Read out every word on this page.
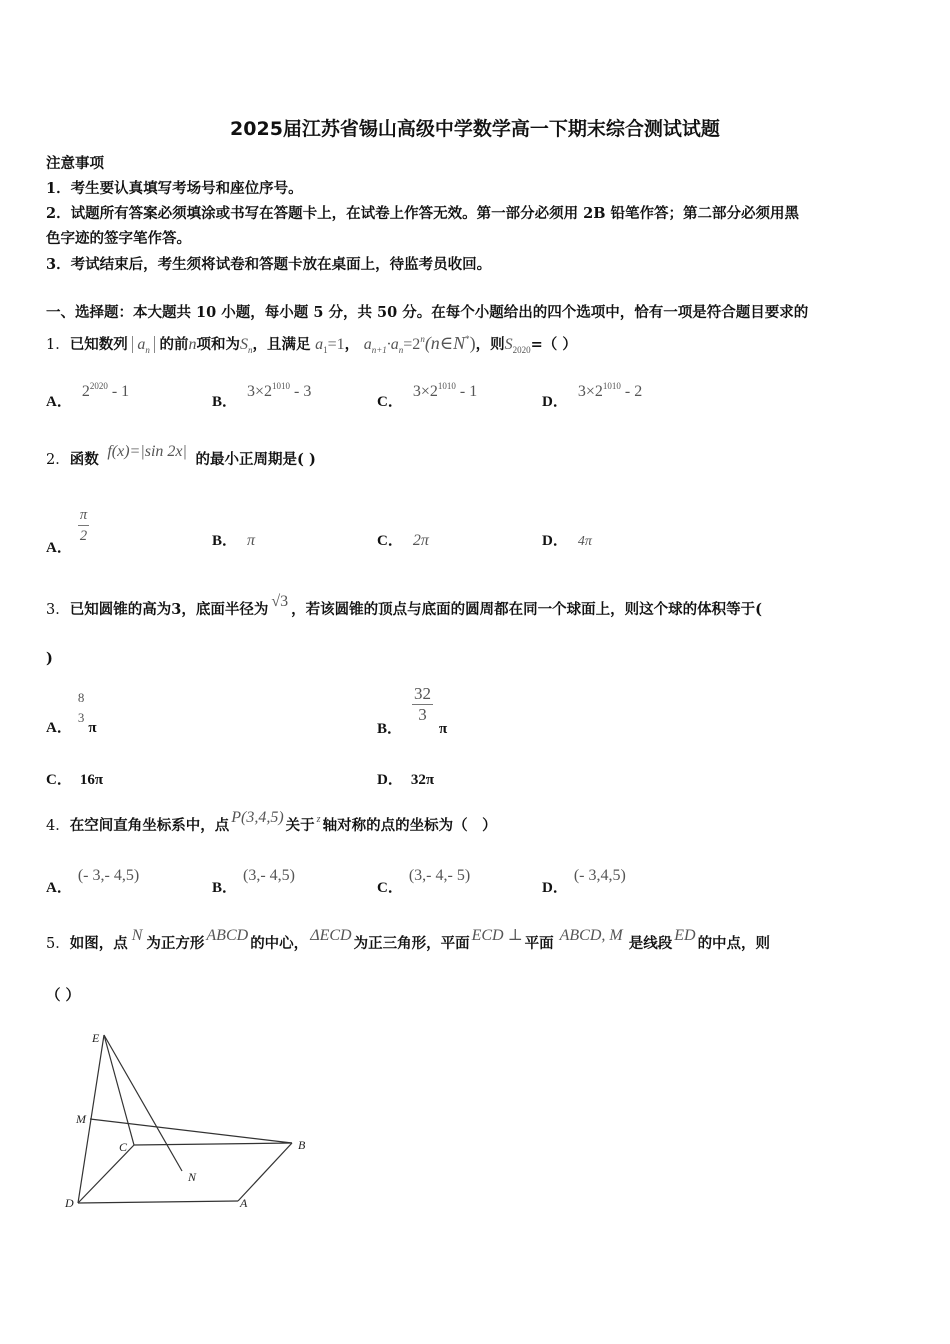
2025届江苏省锡山高级中学数学高一下期末综合测试试题
注意事项
1．考生要认真填写考场号和座位序号。
2．试题所有答案必须填涂或书写在答题卡上，在试卷上作答无效。第一部分必须用 2B 铅笔作答；第二部分必须用黑
色字迹的签字笔作答。
3．考试结束后，考生须将试卷和答题卡放在桌面上，待监考员收回。
一、选择题：本大题共 10 小题，每小题 5 分，共 50 分。在每个小题给出的四个选项中，恰有一项是符合题目要求的
1．已知数列 $a_n$ 的前n项和为$S_n$，且满足 $a_1=1$， $a_{n+1}\cdot a_n=2^n(n\in N^*)$，则$S_{2020}=$（ ）
A．$2^{2020} - 1$
B．$3\times 2^{1010} - 3$
C．$3\times 2^{1010} - 1$
D．$3\times 2^{1010} - 2$
2．函数 f(x)=|sin 2x| 的最小正周期是( )
A．
$\frac{\pi}{2}$	B． π	C． 2π	D． 4π
3．已知圆锥的高为3，底面半径为 √3 ，若该圆锥的顶点与底面的圆周都在同一个球面上，则这个球的体积等于(
)
A．
8
3
π	B．
$\frac{32}{3}$
π
C． 16π	D． 32π
4．在空间直角坐标系中，点 P(3,4,5) 关于 $^z$ 轴对称的点的坐标为（　）
A．(- 3,- 4,5)
B．(3,- 4,5)
C．(3,- 4,- 5)
D．(- 3,4,5)
5．如图，点 N 为正方形 ABCD 的中心， ΔECD 为正三角形，平面 ECD ⊥ 平面 ABCD, M 是线段 ED 的中点，则
（ ）
E
M
C	B
N
D	A
